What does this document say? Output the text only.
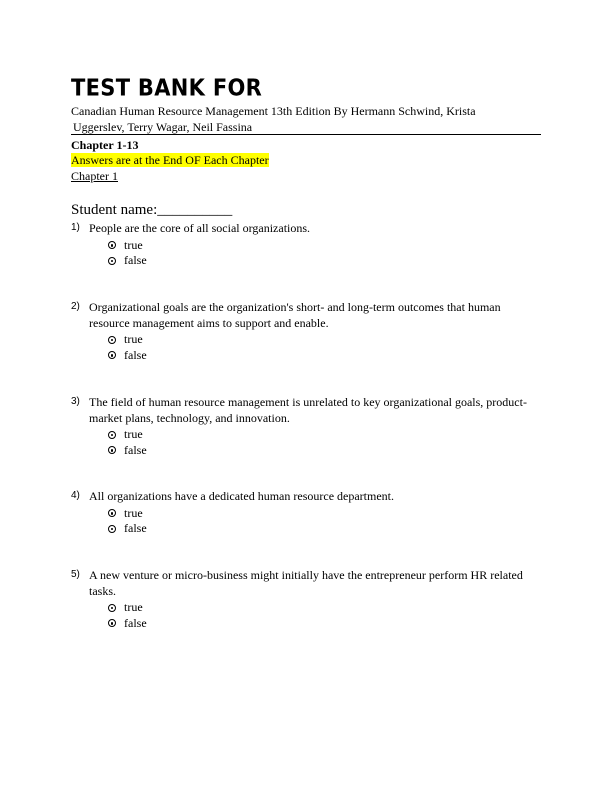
TEST BANK FOR
Canadian Human Resource Management 13th Edition By Hermann Schwind, Krista
Uggerslev, Terry Wagar, Neil Fassina
Chapter 1-13
Answers are at the End OF Each Chapter
Chapter 1
Student name:__________
1) People are the core of all social organizations.
true
false
2) Organizational goals are the organization's short- and long-term outcomes that human resource management aims to support and enable.
true
false
3) The field of human resource management is unrelated to key organizational goals, product-market plans, technology, and innovation.
true
false
4) All organizations have a dedicated human resource department.
true
false
5) A new venture or micro-business might initially have the entrepreneur perform HR related tasks.
true
false
